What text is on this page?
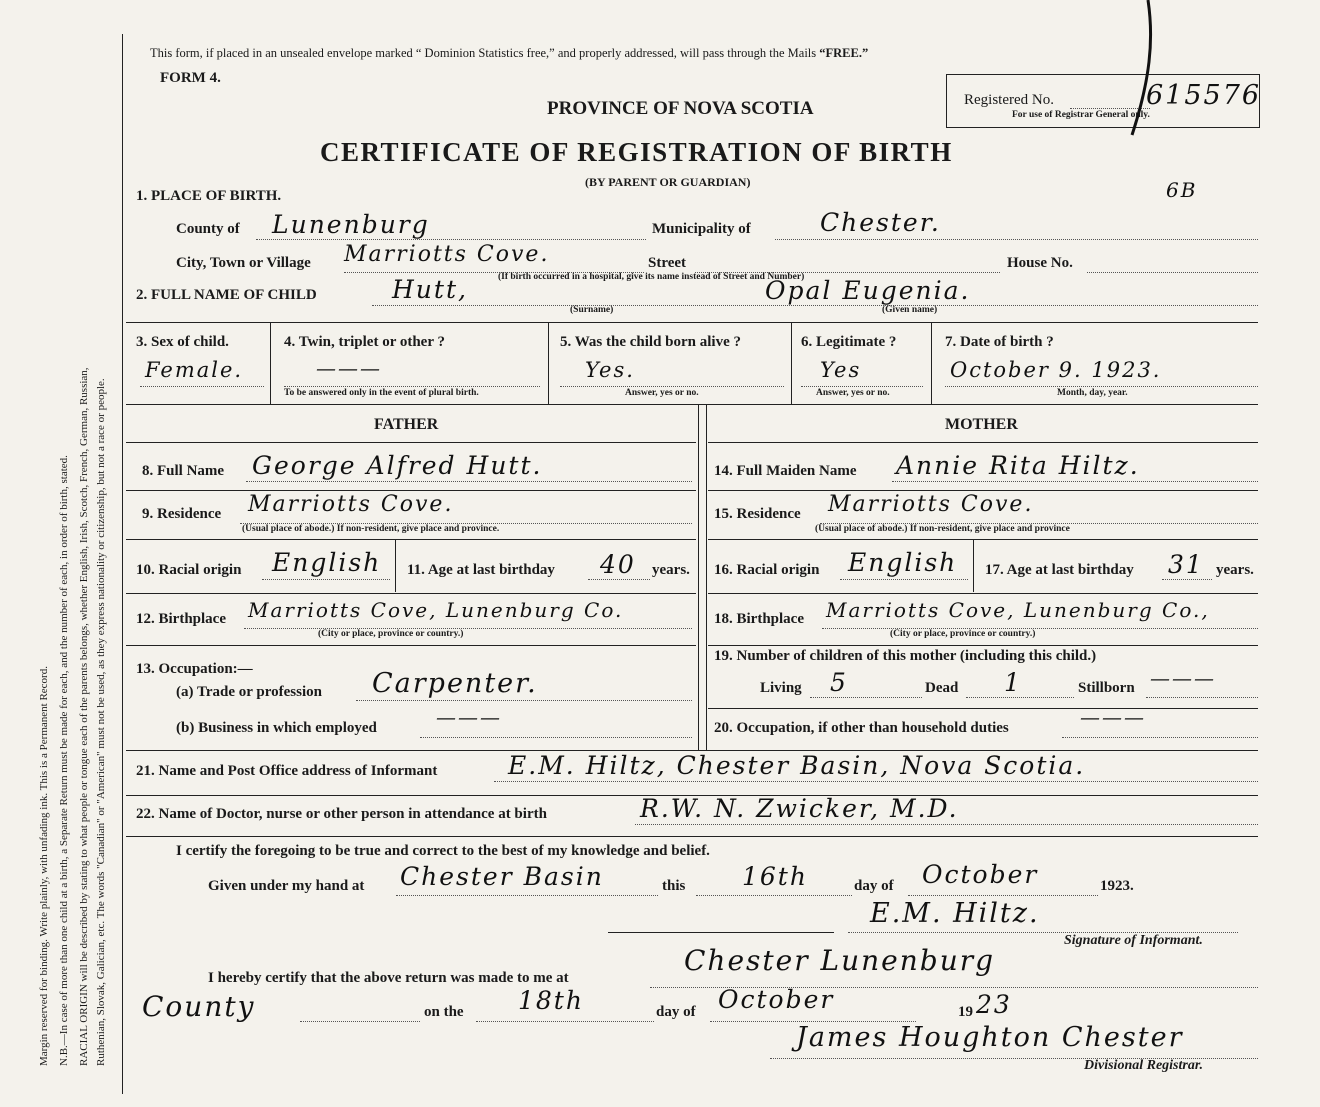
Margin reserved for binding. Write plainly, with unfading ink. This is a Permanent Record. N.B.—In case of more than one child at a birth, a Separate Return must be made for each, and the number of each, in order of birth, stated. RACIAL ORIGIN will be described by stating to what people or tongue each of the parents belongs, whether English, Irish, Scotch, French, German, Russian, Ruthenian, Slovak, Galician, etc. The words "Canadian" or "American" must not be used, as they express nationality or citizenship, but not a race or people.
This form, if placed in an unsealed envelope marked “ Dominion Statistics free,” and properly addressed, will pass through the Mails “FREE.”
FORM 4.
PROVINCE OF NOVA SCOTIA
CERTIFICATE OF REGISTRATION OF BIRTH
(BY PARENT OR GUARDIAN)
Registered No.	615576
For use of Registrar General only.
6B
1. PLACE OF BIRTH.
County of Lunenburg	Municipality of	Chester.
City, Town or Village Marriotts Cove.	Street	House No.
(If birth occurred in a hospital, give its name instead of Street and Number)
2. FULL NAME OF CHILD	Hutt,	Opal Eugenia.
(Surname)	(Given name)
3. Sex of child.
Female.
4. Twin, triplet or other ?
———
To be answered only in the event of plural birth.
5. Was the child born alive ?
Yes.
Answer, yes or no.
6. Legitimate ?
Yes
Answer, yes or no.
7. Date of birth ?
October 9. 1923.
Month, day, year.
FATHER	MOTHER
8. Full Name George Alfred Hutt.
9. Residence Marriotts Cove.
(Usual place of abode.) If non-resident, give place and province.
10. Racial origin English 11. Age at last birthday 40 years.
12. Birthplace Marriotts Cove, Lunenburg Co.
(City or place, province or country.)
13. Occupation:—
(a) Trade or profession Carpenter.
(b) Business in which employed	———
14. Full Maiden Name Annie Rita Hiltz.
15. Residence Marriotts Cove.
(Usual place of abode.) If non-resident, give place and province
16. Racial origin English 17. Age at last birthday 31 years.
18. Birthplace Marriotts Cove, Lunenburg Co.,
(City or place, province or country.)
19. Number of children of this mother (including this child.)
Living 5	Dead 1	Stillborn ———
20. Occupation, if other than household duties	———
21. Name and Post Office address of Informant	E.M. Hiltz, Chester Basin, Nova Scotia.
22. Name of Doctor, nurse or other person in attendance at birth	R.W. N. Zwicker, M.D.
I certify the foregoing to be true and correct to the best of my knowledge and belief.
Given under my hand at Chester Basin	this 16th	day of October	1923.
E.M. Hiltz.
Signature of Informant.
I hereby certify that the above return was made to me at
Chester Lunenburg
County	on the 18th	day of October	19 23
James Houghton Chester
Divisional Registrar.
